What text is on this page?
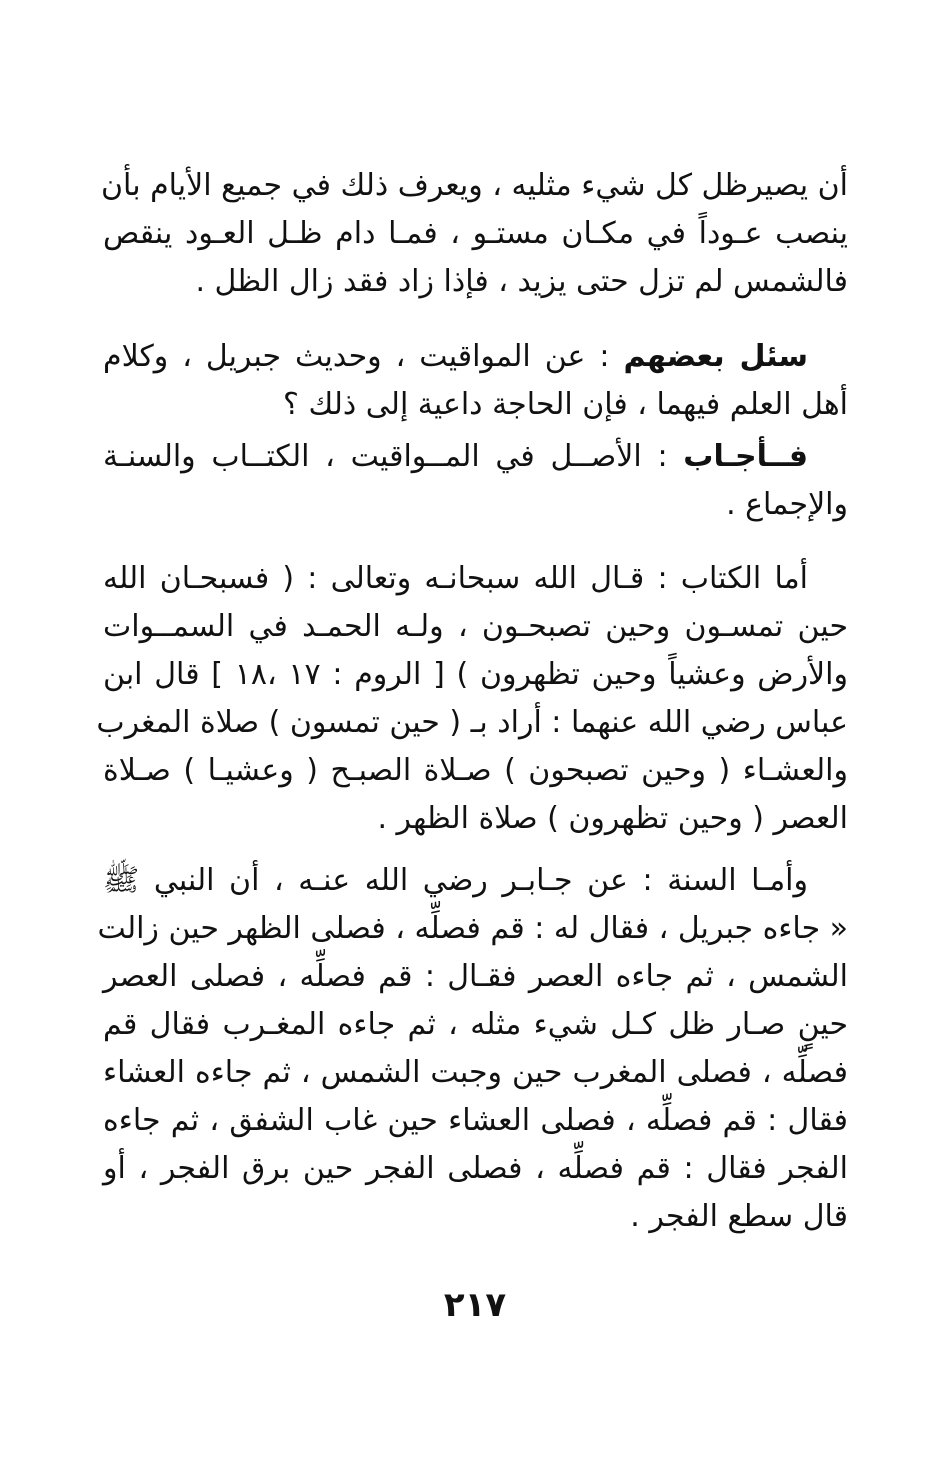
أن يصيرظل كل شيء مثليه ، ويعرف ذلك في جميع الأيام بأن
ينصب عـوداً في مكـان مستـو ، فمـا دام ظـل العـود ينقص
فالشمس لم تزل حتى يزيد ، فإذا زاد فقد زال الظل .
سئل بعضهم : عن المواقيت ، وحديث جبريل ، وكلام
أهل العلم فيهما ، فإن الحاجة داعية إلى ذلك ؟
فــأجـاب : الأصــل في المــواقيت ، الكتــاب والسنـة
والإجماع .
أما الكتاب : قـال الله سبحانـه وتعالى : ( فسبحـان الله
حين تمسـون وحين تصبحـون ، ولـه الحمـد في السمــوات
والأرض وعشياً وحين تظهرون ) [ الروم : ١٧ ،١٨ ] قال ابن
عباس رضي الله عنهما : أراد بـ ( حين تمسون ) صلاة المغرب
والعشـاء ( وحين تصبحون ) صـلاة الصبـح ( وعشيـا ) صـلاة
العصر ( وحين تظهرون ) صلاة الظهر .
وأمـا السنة : عن جـابـر رضي الله عنـه ، أن النبي ﷺ
« جاءه جبريل ، فقال له : قم فصلِّه ، فصلى الظهر حين زالت
الشمس ، ثم جاءه العصر فقـال : قم فصلِّه ، فصلى العصر
حينٍ صـار ظل كـل شيء مثله ، ثم جاءه المغـرب فقال قم
فصلِّه ، فصلى المغرب حين وجبت الشمس ، ثم جاءه العشاء
فقال : قم فصلِّه ، فصلى العشاء حين غاب الشفق ، ثم جاءه
الفجر فقال : قم فصلِّه ، فصلى الفجر حين برق الفجر ، أو
قال سطع الفجر .
٢١٧
